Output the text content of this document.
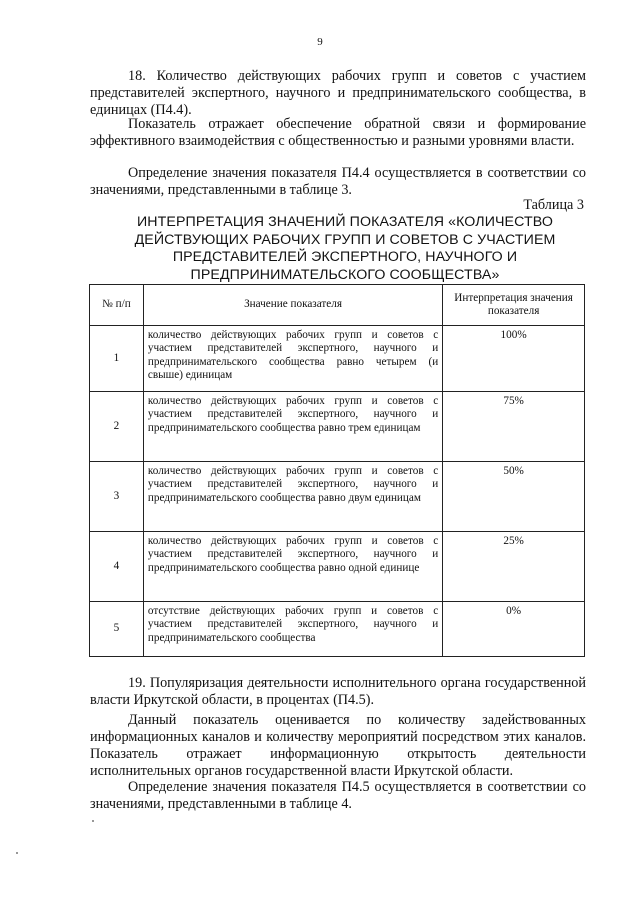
9
18. Количество действующих рабочих групп и советов с участием представителей экспертного, научного и предпринимательского сообщества, в единицах (П4.4).
Показатель отражает обеспечение обратной связи и формирование эффективного взаимодействия с общественностью и разными уровнями власти.
Определение значения показателя П4.4 осуществляется в соответствии со значениями, представленными в таблице 3.
Таблица 3
ИНТЕРПРЕТАЦИЯ ЗНАЧЕНИЙ ПОКАЗАТЕЛЯ «КОЛИЧЕСТВО ДЕЙСТВУЮЩИХ РАБОЧИХ ГРУПП И СОВЕТОВ С УЧАСТИЕМ ПРЕДСТАВИТЕЛЕЙ ЭКСПЕРТНОГО, НАУЧНОГО И ПРЕДПРИНИМАТЕЛЬСКОГО СООБЩЕСТВА»
№ п/п	Значение показателя	Интерпретация значения показателя
1	количество действующих рабочих групп и советов с участием представителей экспертного, научного и предпринимательского сообщества равно четырем (и свыше) единицам	100%
2	количество действующих рабочих групп и советов с участием представителей экспертного, научного и предпринимательского сообщества равно трем единицам	75%
3	количество действующих рабочих групп и советов с участием представителей экспертного, научного и предпринимательского сообщества равно двум единицам	50%
4	количество действующих рабочих групп и советов с участием представителей экспертного, научного и предпринимательского сообщества равно одной единице	25%
5	отсутствие действующих рабочих групп и советов с участием представителей экспертного, научного и предпринимательского сообщества	0%
19. Популяризация деятельности исполнительного органа государственной власти Иркутской области, в процентах (П4.5).
Данный показатель оценивается по количеству задействованных информационных каналов и количеству мероприятий посредством этих каналов. Показатель отражает информационную открытость деятельности исполнительных органов государственной власти Иркутской области.
Определение значения показателя П4.5 осуществляется в соответствии со значениями, представленными в таблице 4.
